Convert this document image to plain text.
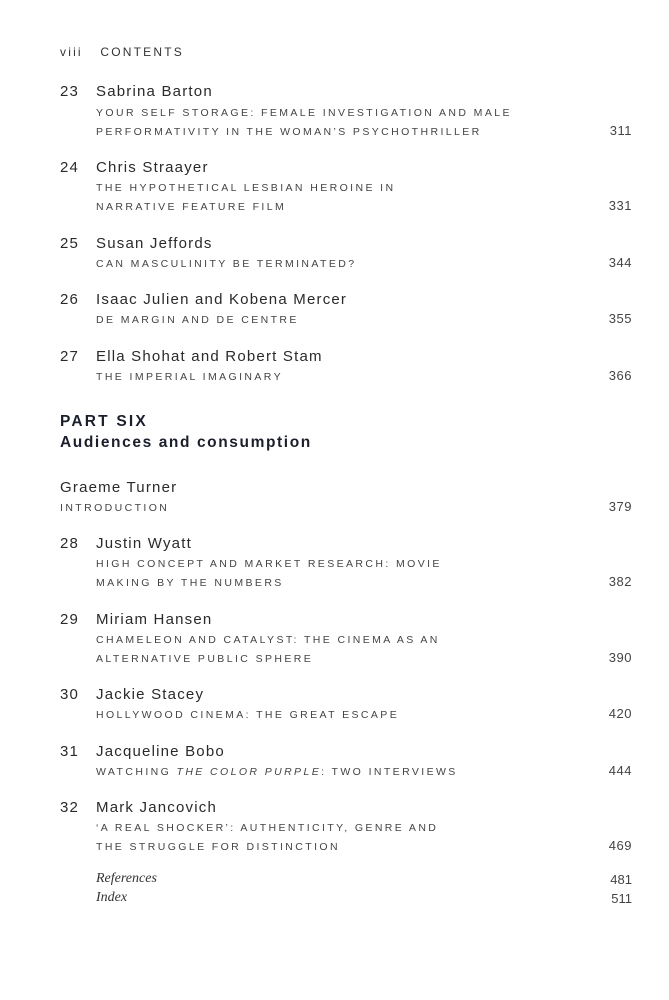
viii CONTENTS
23 Sabrina Barton
YOUR SELF STORAGE: FEMALE INVESTIGATION AND MALE
PERFORMATIVITY IN THE WOMAN’S PSYCHOTHRILLER	311
24 Chris Straayer
THE HYPOTHETICAL LESBIAN HEROINE IN
NARRATIVE FEATURE FILM	331
25 Susan Jeffords
CAN MASCULINITY BE TERMINATED?	344
26 Isaac Julien and Kobena Mercer
DE MARGIN AND DE CENTRE	355
27 Ella Shohat and Robert Stam
THE IMPERIAL IMAGINARY	366
PART SIX
Audiences and consumption
Graeme Turner
INTRODUCTION	379
28 Justin Wyatt
HIGH CONCEPT AND MARKET RESEARCH: MOVIE
MAKING BY THE NUMBERS	382
29 Miriam Hansen
CHAMELEON AND CATALYST: THE CINEMA AS AN
ALTERNATIVE PUBLIC SPHERE	390
30 Jackie Stacey
HOLLYWOOD CINEMA: THE GREAT ESCAPE	420
31 Jacqueline Bobo
WATCHING THE COLOR PURPLE: TWO INTERVIEWS	444
32 Mark Jancovich
‘A REAL SHOCKER’: AUTHENTICITY, GENRE AND
THE STRUGGLE FOR DISTINCTION	469
References	481
Index	511
